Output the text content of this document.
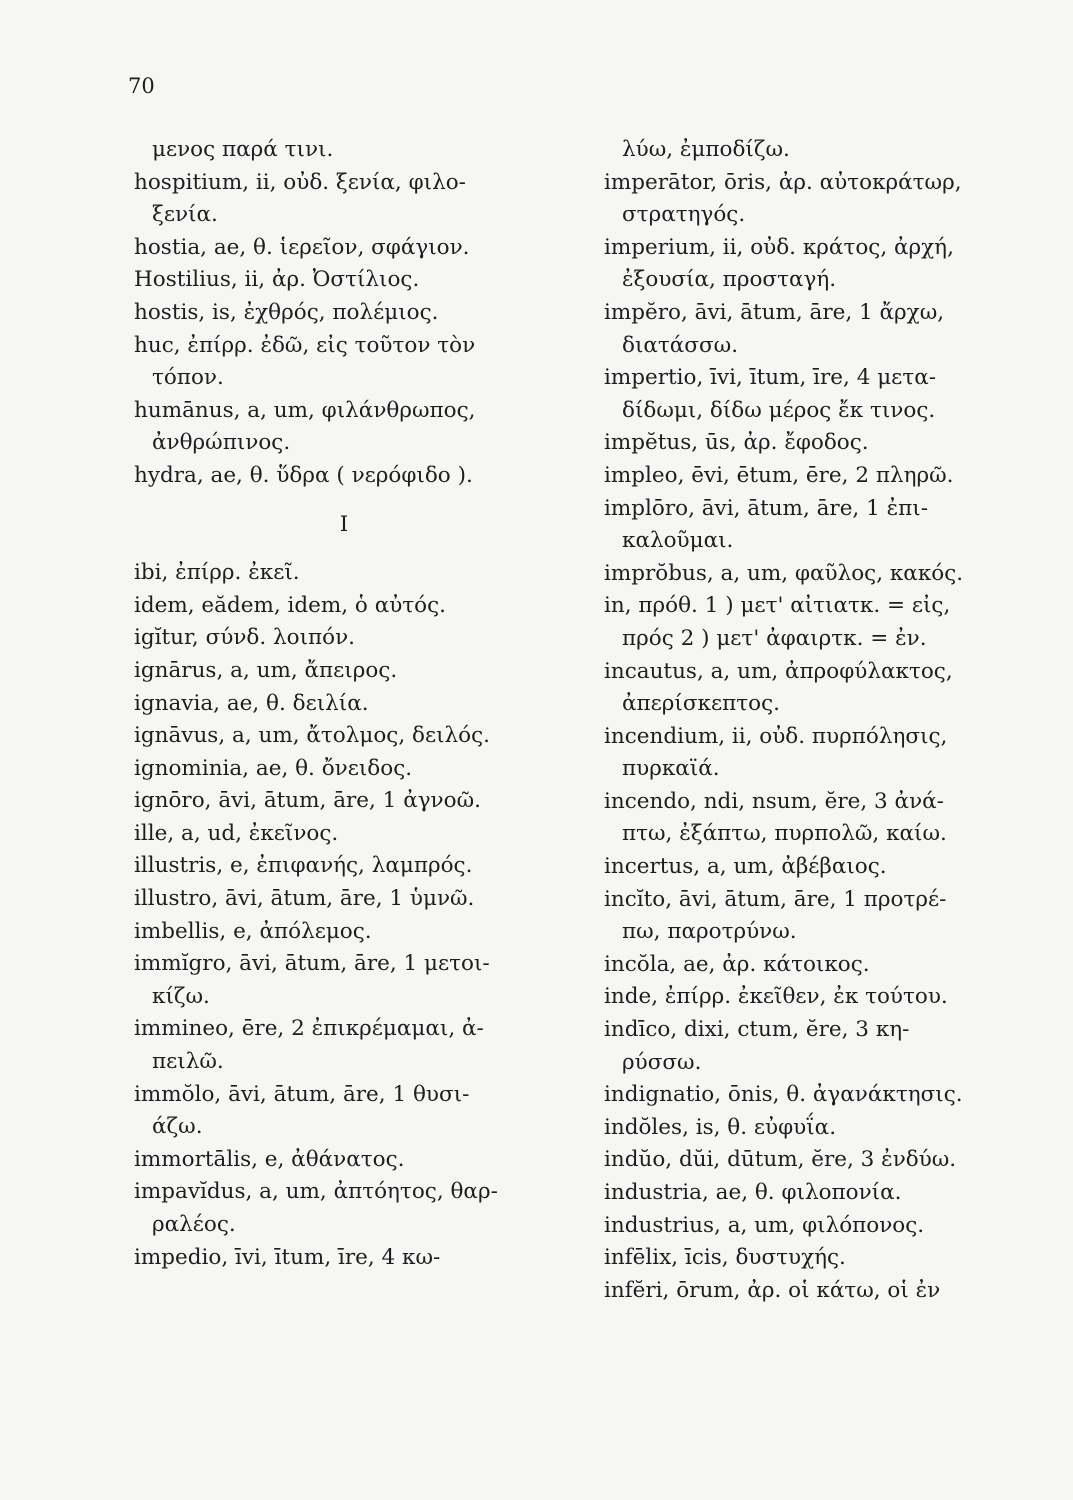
70
μενος παρά τινι.
hospitium, ii, οὐδ. ξενία, φιλο-
ξενία.
hostia, ae, θ. ἱερεῖον, σφάγιον.
Hostilius, ii, ἀρ. Ὀστίλιος.
hostis, is, ἐχθρός, πολέμιος.
huc, ἐπίρρ. ἐδῶ, εἰς τοῦτον τὸν
τόπον.
humānus, a, um, φιλάνθρωπος,
ἀνθρώπινος.
hydra, ae, θ. ὕδρα ( νερόφιδο ).
I
ibi, ἐπίρρ. ἐκεῖ.
idem, eădem, idem, ὁ αὐτός.
igĭtur, σύνδ. λοιπόν.
ignārus, a, um, ἄπειρος.
ignavia, ae, θ. δειλία.
ignāvus, a, um, ἄτολμος, δειλός.
ignominia, ae, θ. ὄνειδος.
ignōro, āvi, ātum, āre, 1 ἀγνοῶ.
ille, a, ud, ἐκεῖνος.
illustris, e, ἐπιφανής, λαμπρός.
illustro, āvi, ātum, āre, 1 ὑμνῶ.
imbellis, e, ἀπόλεμος.
immĭgro, āvi, ātum, āre, 1 μετοι-
κίζω.
immineo, ēre, 2 ἐπικρέμαμαι, ἀ-
πειλῶ.
immŏlo, āvi, ātum, āre, 1 θυσι-
άζω.
immortālis, e, ἀθάνατος.
impavĭdus, a, um, ἀπτόητος, θαρ-
ραλέος.
impedio, īvi, ītum, īre, 4 κω-
λύω, ἐμποδίζω.
imperātor, ōris, ἀρ. αὐτοκράτωρ,
στρατηγός.
imperium, ii, οὐδ. κράτος, ἀρχή,
ἐξουσία, προσταγή.
impĕro, āvi, ātum, āre, 1 ἄρχω,
διατάσσω.
impertio, īvi, ītum, īre, 4 μετα-
δίδωμι, δίδω μέρος ἔκ τινος.
impĕtus, ūs, ἀρ. ἔφοδος.
impleo, ēvi, ētum, ēre, 2 πληρῶ.
implōro, āvi, ātum, āre, 1 ἐπι-
καλοῦμαι.
imprŏbus, a, um, φαῦλος, κακός.
in, πρόθ. 1 ) μετ' αἰτιατκ. = εἰς,
πρός 2 ) μετ' ἀφαιρτκ. = ἐν.
incautus, a, um, ἀπροφύλακτος,
ἀπερίσκεπτος.
incendium, ii, οὐδ. πυρπόλησις,
πυρκαϊά.
incendo, ndi, nsum, ĕre, 3 ἀνά-
πτω, ἐξάπτω, πυρπολῶ, καίω.
incertus, a, um, ἀβέβαιος.
incĭto, āvi, ātum, āre, 1 προτρέ-
πω, παροτρύνω.
incŏla, ae, ἀρ. κάτοικος.
inde, ἐπίρρ. ἐκεῖθεν, ἐκ τούτου.
indīco, dixi, ctum, ĕre, 3 κη-
ρύσσω.
indignatio, ōnis, θ. ἀγανάκτησις.
indŏles, is, θ. εὐφυΐα.
indŭo, dŭi, dūtum, ĕre, 3 ἐνδύω.
industria, ae, θ. φιλοπονία.
industrius, a, um, φιλόπονος.
infēlix, īcis, δυστυχής.
infĕri, ōrum, ἀρ. οἱ κάτω, οἱ ἐν
